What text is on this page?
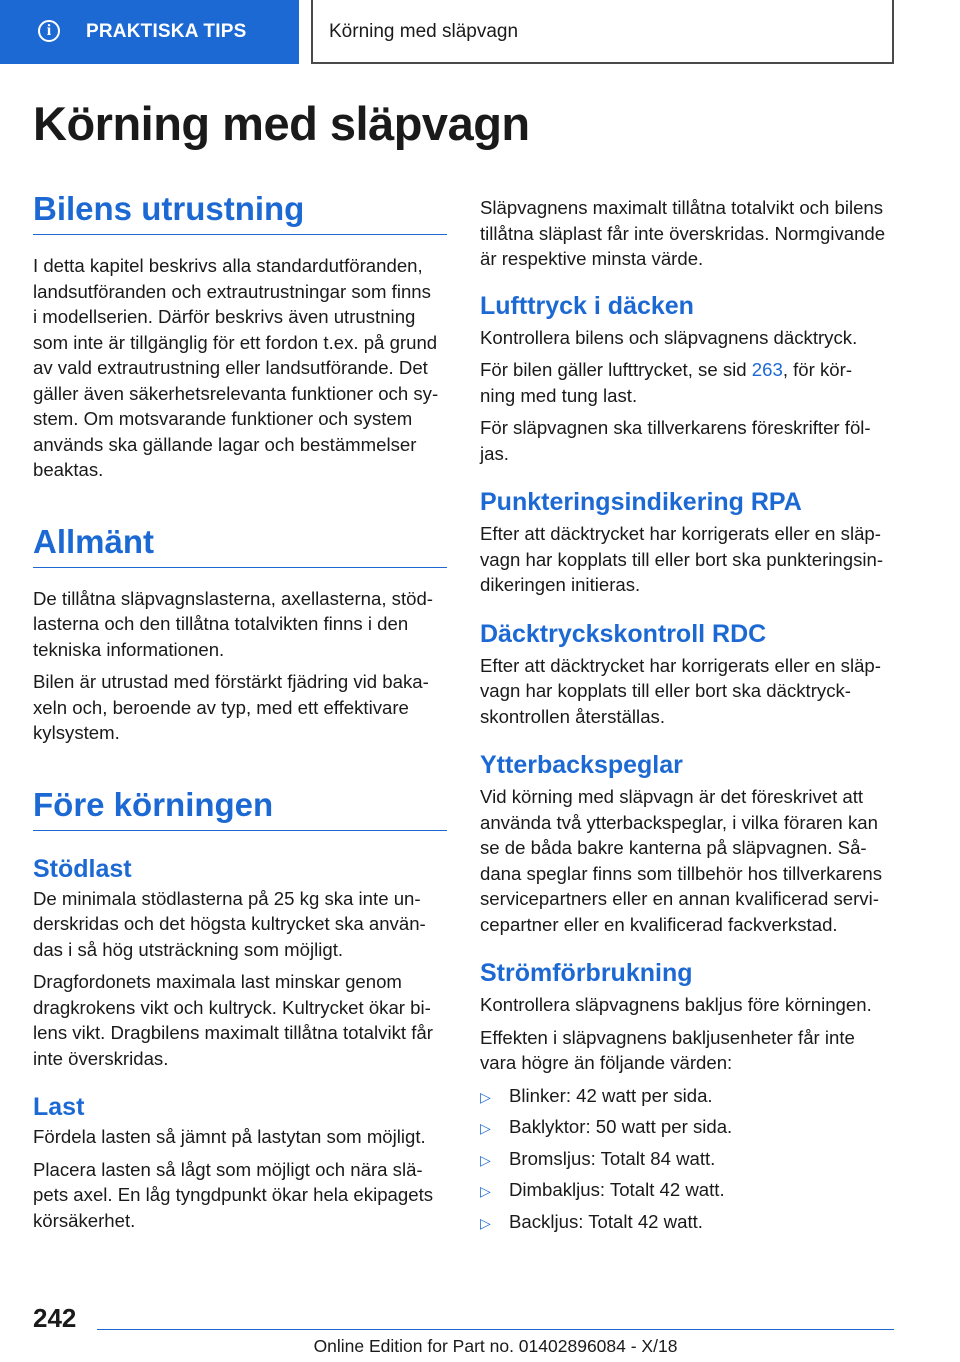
i	PRAKTISKA TIPS	Körning med släpvagn
Körning med släpvagn
Bilens utrustning

I detta kapitel beskrivs alla standardutföranden,

landsutföranden och extrautrustningar som finns

i modellserien. Därför beskrivs även utrustning

som inte är tillgänglig för ett fordon t.ex. på grund

av vald extrautrustning eller landsutförande. Det

gäller även säkerhetsrelevanta funktioner och sy-

stem. Om motsvarande funktioner och system

används ska gällande lagar och bestämmelser

beaktas.

Allmänt

De tillåtna släpvagnslasterna, axellasterna, stöd-

lasterna och den tillåtna totalvikten finns i den

tekniska informationen.

Bilen är utrustad med förstärkt fjädring vid baka-

xeln och, beroende av typ, med ett effektivare

kylsystem.

Före körningen
Stödlast

De minimala stödlasterna på 25 kg ska inte un-

derskridas och det högsta kultrycket ska använ-

das i så hög utsträckning som möjligt.

Dragfordonets maximala last minskar genom

dragkrokens vikt och kultryck. Kultrycket ökar bi-

lens vikt. Dragbilens maximalt tillåtna totalvikt får

inte överskridas.

Last

Fördela lasten så jämnt på lastytan som möjligt.

Placera lasten så lågt som möjligt och nära slä-

pets axel. En låg tyngdpunkt ökar hela ekipagets

körsäkerhet.

Släpvagnens maximalt tillåtna totalvikt och bilens

tillåtna släplast får inte överskridas. Normgivande

är respektive minsta värde.

Lufttryck i däcken

Kontrollera bilens och släpvagnens däcktryck.

För bilen gäller lufttrycket, se sid 263, för kör-

ning med tung last.

För släpvagnen ska tillverkarens föreskrifter föl-

jas.

Punkteringsindikering RPA

Efter att däcktrycket har korrigerats eller en släp-

vagn har kopplats till eller bort ska punkteringsin-

dikeringen initieras.

Däcktryckskontroll RDC

Efter att däcktrycket har korrigerats eller en släp-

vagn har kopplats till eller bort ska däcktryck-

skontrollen återställas.

Ytterbackspeglar

Vid körning med släpvagn är det föreskrivet att

använda två ytterbackspeglar, i vilka föraren kan

se de båda bakre kanterna på släpvagnen. Så-

dana speglar finns som tillbehör hos tillverkarens

servicepartners eller en annan kvalificerad servi-

cepartner eller en kvalificerad fackverkstad.

Strömförbrukning

Kontrollera släpvagnens bakljus före körningen.

Effekten i släpvagnens bakljusenheter får inte

vara högre än följande värden:

▷ Blinker: 42 watt per sida.
▷ Baklyktor: 50 watt per sida.
▷ Bromsljus: Totalt 84 watt.
▷ Dimbakljus: Totalt 42 watt.
▷ Backljus: Totalt 42 watt.
242
Online Edition for Part no. 01402896084 - X/18
